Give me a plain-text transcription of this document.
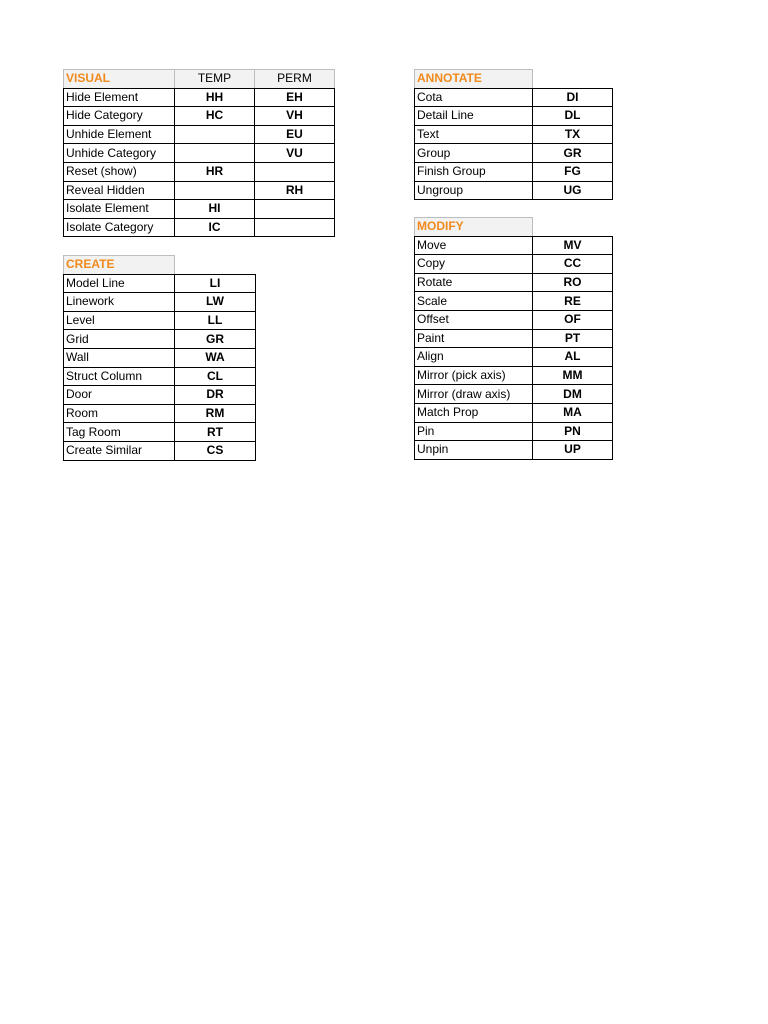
VISUAL	TEMP	PERM
Hide Element	HH	EH
Hide Category	HC	VH
Unhide Element		EU
Unhide Category		VU
Reset (show)	HR	
Reveal Hidden		RH
Isolate Element	HI	
Isolate Category	IC	
CREATE	
Model Line	LI
Linework	LW
Level	LL
Grid	GR
Wall	WA
Struct Column	CL
Door	DR
Room	RM
Tag Room	RT
Create Similar	CS
ANNOTATE	
Cota	DI
Detail Line	DL
Text	TX
Group	GR
Finish Group	FG
Ungroup	UG
MODIFY	
Move	MV
Copy	CC
Rotate	RO
Scale	RE
Offset	OF
Paint	PT
Align	AL
Mirror (pick axis)	MM
Mirror (draw axis)	DM
Match Prop	MA
Pin	PN
Unpin	UP
